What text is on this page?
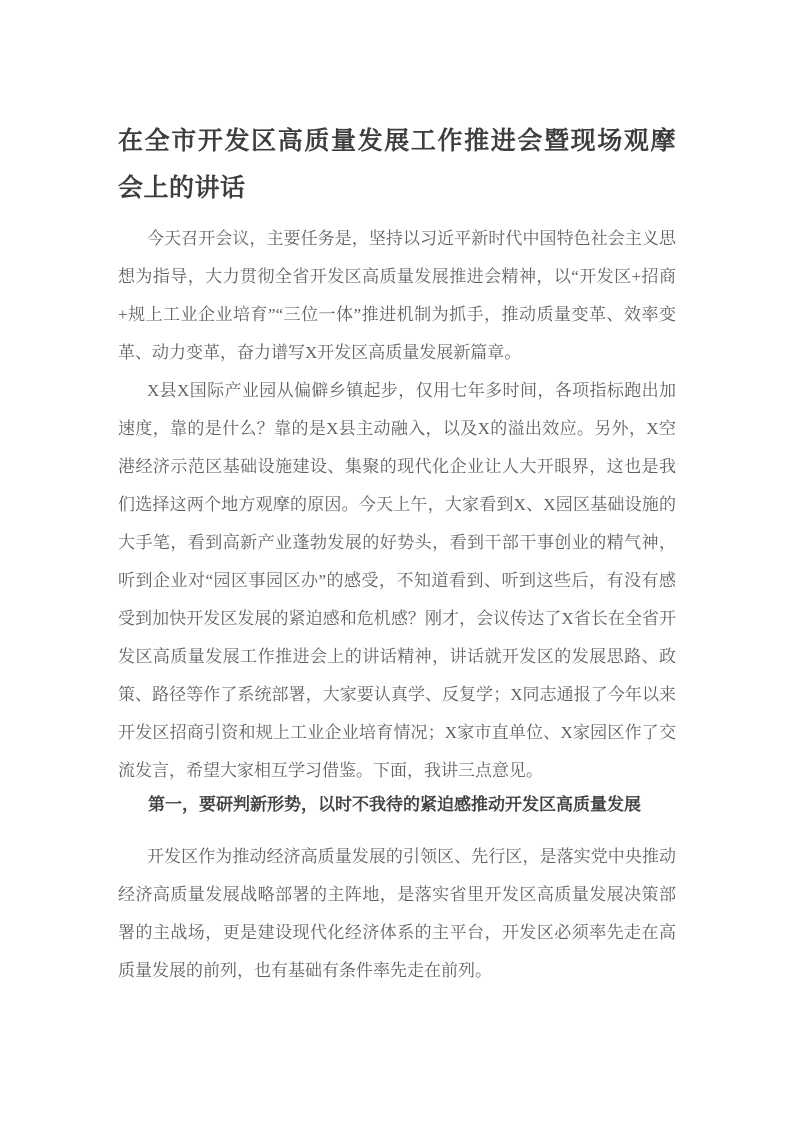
在全市开发区高质量发展工作推进会暨现场观摩会上的讲话

今天召开会议，主要任务是，坚持以习近平新时代中国特色社会主义思想为指导，大力贯彻全省开发区高质量发展推进会精神，以“开发区+招商+规上工业企业培育”“三位一体”推进机制为抓手，推动质量变革、效率变革、动力变革，奋力谱写X开发区高质量发展新篇章。

X县X国际产业园从偏僻乡镇起步，仅用七年多时间，各项指标跑出加速度，靠的是什么？靠的是X县主动融入，以及X的溢出效应。另外，X空港经济示范区基础设施建设、集聚的现代化企业让人大开眼界，这也是我们选择这两个地方观摩的原因。今天上午，大家看到X、X园区基础设施的大手笔，看到高新产业蓬勃发展的好势头，看到干部干事创业的精气神，听到企业对“园区事园区办”的感受，不知道看到、听到这些后，有没有感受到加快开发区发展的紧迫感和危机感？刚才，会议传达了X省长在全省开发区高质量发展工作推进会上的讲话精神，讲话就开发区的发展思路、政策、路径等作了系统部署，大家要认真学、反复学；X同志通报了今年以来开发区招商引资和规上工业企业培育情况；X家市直单位、X家园区作了交流发言，希望大家相互学习借鉴。下面，我讲三点意见。

第一，要研判新形势，以时不我待的紧迫感推动开发区高质量发展

开发区作为推动经济高质量发展的引领区、先行区，是落实党中央推动经济高质量发展战略部署的主阵地，是落实省里开发区高质量发展决策部署的主战场，更是建设现代化经济体系的主平台，开发区必须率先走在高质量发展的前列，也有基础有条件率先走在前列。
